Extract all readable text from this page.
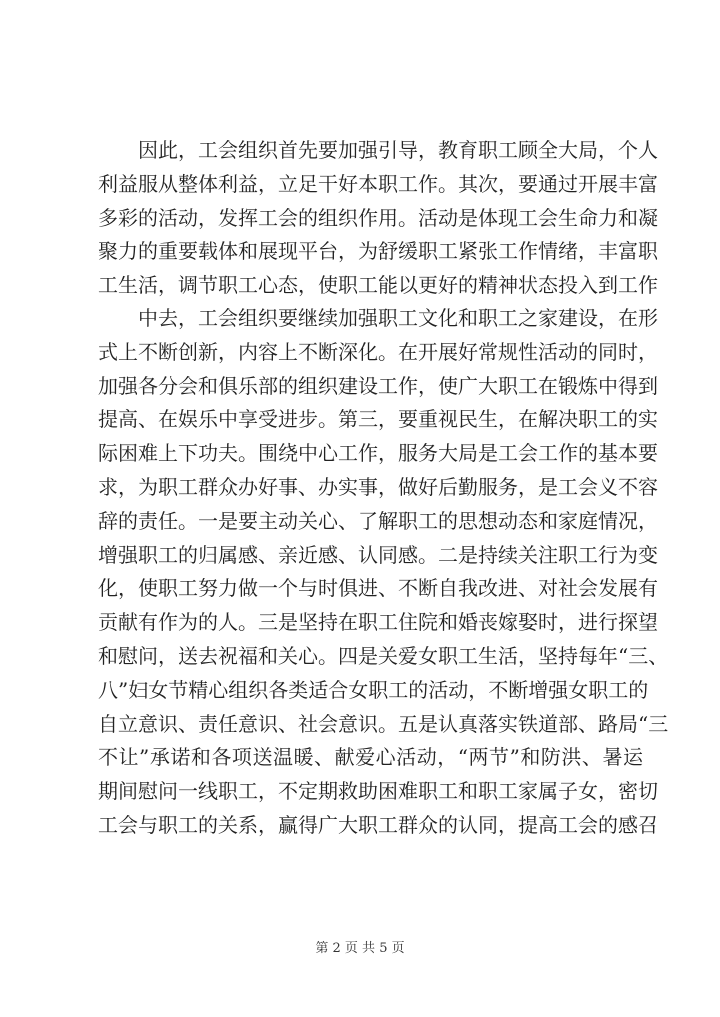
因此，工会组织首先要加强引导，教育职工顾全大局，个人
利益服从整体利益，立足干好本职工作。其次，要通过开展丰富
多彩的活动，发挥工会的组织作用。活动是体现工会生命力和凝
聚力的重要载体和展现平台，为舒缓职工紧张工作情绪，丰富职
工生活，调节职工心态，使职工能以更好的精神状态投入到工作
中去，工会组织要继续加强职工文化和职工之家建设，在形
式上不断创新，内容上不断深化。在开展好常规性活动的同时，
加强各分会和俱乐部的组织建设工作，使广大职工在锻炼中得到
提高、在娱乐中享受进步。第三，要重视民生，在解决职工的实
际困难上下功夫。围绕中心工作，服务大局是工会工作的基本要
求，为职工群众办好事、办实事，做好后勤服务，是工会义不容
辞的责任。一是要主动关心、了解职工的思想动态和家庭情况，
增强职工的归属感、亲近感、认同感。二是持续关注职工行为变
化，使职工努力做一个与时俱进、不断自我改进、对社会发展有
贡献有作为的人。三是坚持在职工住院和婚丧嫁娶时，进行探望
和慰问，送去祝福和关心。四是关爱女职工生活，坚持每年“三、
八”妇女节精心组织各类适合女职工的活动，不断增强女职工的
自立意识、责任意识、社会意识。五是认真落实铁道部、路局“三
不让”承诺和各项送温暖、献爱心活动，“两节”和防洪、暑运
期间慰问一线职工，不定期救助困难职工和职工家属子女，密切
工会与职工的关系，赢得广大职工群众的认同，提高工会的感召
第 2 页 共 5 页
